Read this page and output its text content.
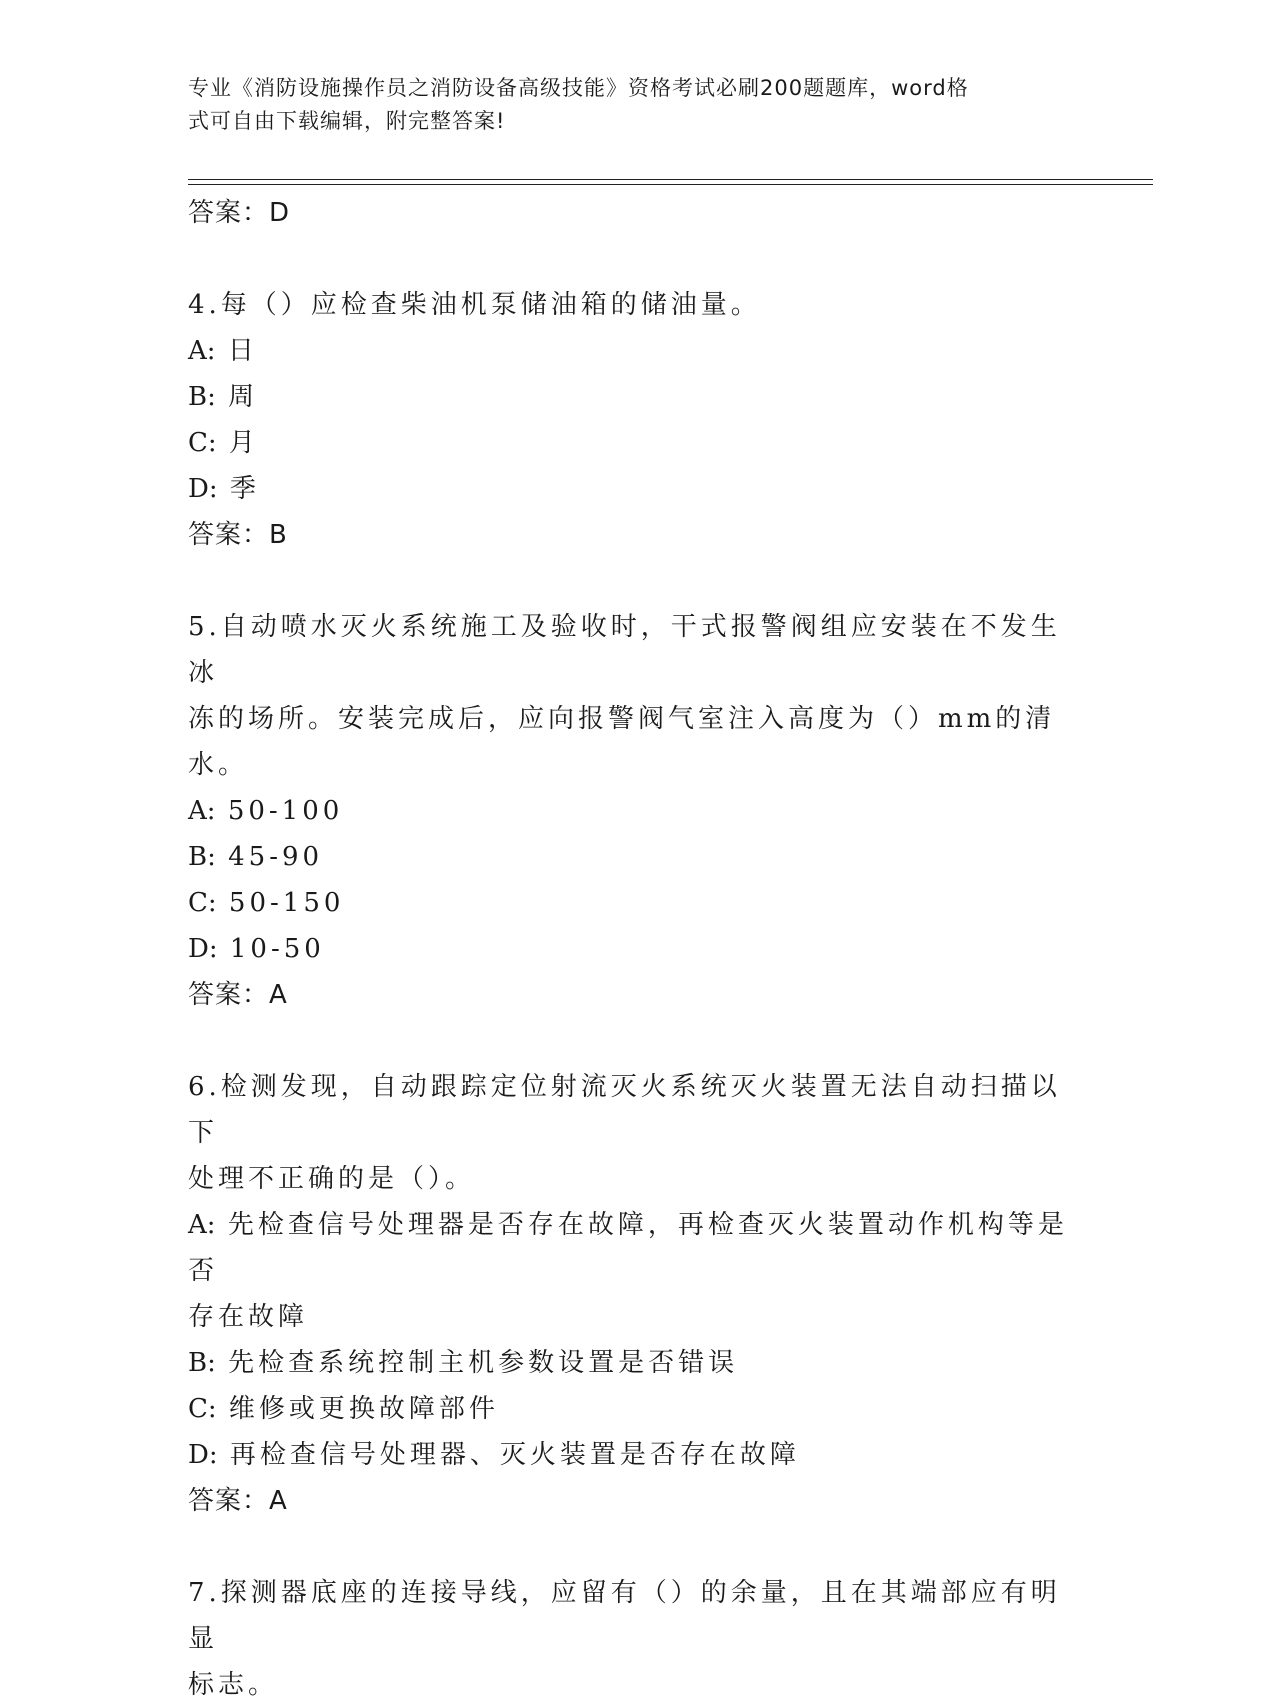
专业《消防设施操作员之消防设备高级技能》资格考试必刷200题题库，word格
式可自由下载编辑，附完整答案!
答案：D
4.每（）应检查柴油机泵储油箱的储油量。
A: 日
B: 周
C: 月
D: 季
答案：B
5.自动喷水灭火系统施工及验收时，干式报警阀组应安装在不发生冰
冻的场所。安装完成后，应向报警阀气室注入高度为（）mm的清水。
A: 50-100
B: 45-90
C: 50-150
D: 10-50
答案：A
6.检测发现，自动跟踪定位射流灭火系统灭火装置无法自动扫描以下
处理不正确的是（）。
A: 先检查信号处理器是否存在故障，再检查灭火装置动作机构等是否
存在故障
B: 先检查系统控制主机参数设置是否错误
C: 维修或更换故障部件
D: 再检查信号处理器、灭火装置是否存在故障
答案：A
7.探测器底座的连接导线，应留有（）的余量，且在其端部应有明显
标志。
